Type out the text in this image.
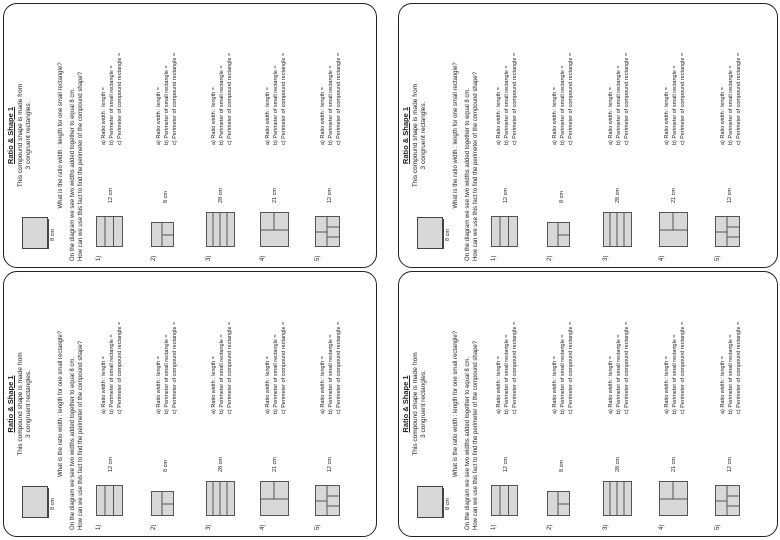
Ratio & Shape 1 This compound shape is made from 3 congruent rectangles.
8 cm
What is the ratio width : length for one small rectangle? On the diagram we see two widths added together to equal 8 cm. How can we use this fact to find the perimeter of the compound shape? 1)
12 cm
a) Ratio width : length = b) Perimeter of small rectangle = c) Perimeter of compound rectangle =
2)
8 cm
a) Ratio width : length = b) Perimeter of small rectangle = c) Perimeter of compound rectangle =
3)
28 cm
a) Ratio width : length = b) Perimeter of small rectangle = c) Perimeter of compound rectangle =
4)
21 cm
a) Ratio width : length = b) Perimeter of small rectangle = c) Perimeter of compound rectangle =
5)
12 cm
a) Ratio width : length = b) Perimeter of small rectangle = c) Perimeter of compound rectangle =
Ratio & Shape 1 This compound shape is made from 3 congruent rectangles.
8 cm
What is the ratio width : length for one small rectangle? On the diagram we see two widths added together to equal 8 cm. How can we use this fact to find the perimeter of the compound shape? 1)
12 cm
a) Ratio width : length = b) Perimeter of small rectangle = c) Perimeter of compound rectangle =
2)
8 cm
a) Ratio width : length = b) Perimeter of small rectangle = c) Perimeter of compound rectangle =
3)
28 cm
a) Ratio width : length = b) Perimeter of small rectangle = c) Perimeter of compound rectangle =
4)
21 cm
a) Ratio width : length = b) Perimeter of small rectangle = c) Perimeter of compound rectangle =
5)
12 cm
a) Ratio width : length = b) Perimeter of small rectangle = c) Perimeter of compound rectangle =
Ratio & Shape 1 This compound shape is made from 3 congruent rectangles.
8 cm
What is the ratio width : length for one small rectangle? On the diagram we see two widths added together to equal 8 cm. How can we use this fact to find the perimeter of the compound shape? 1)
12 cm
a) Ratio width : length = b) Perimeter of small rectangle = c) Perimeter of compound rectangle =
2)
8 cm
a) Ratio width : length = b) Perimeter of small rectangle = c) Perimeter of compound rectangle =
3)
28 cm
a) Ratio width : length = b) Perimeter of small rectangle = c) Perimeter of compound rectangle =
4)
21 cm
a) Ratio width : length = b) Perimeter of small rectangle = c) Perimeter of compound rectangle =
5)
12 cm
a) Ratio width : length = b) Perimeter of small rectangle = c) Perimeter of compound rectangle =
Ratio & Shape 1 This compound shape is made from 3 congruent rectangles.
8 cm
What is the ratio width : length for one small rectangle? On the diagram we see two widths added together to equal 8 cm. How can we use this fact to find the perimeter of the compound shape? 1)
12 cm
a) Ratio width : length = b) Perimeter of small rectangle = c) Perimeter of compound rectangle =
2)
8 cm
a) Ratio width : length = b) Perimeter of small rectangle = c) Perimeter of compound rectangle =
3)
28 cm
a) Ratio width : length = b) Perimeter of small rectangle = c) Perimeter of compound rectangle =
4)
21 cm
a) Ratio width : length = b) Perimeter of small rectangle = c) Perimeter of compound rectangle =
5)
12 cm
a) Ratio width : length = b) Perimeter of small rectangle = c) Perimeter of compound rectangle =
